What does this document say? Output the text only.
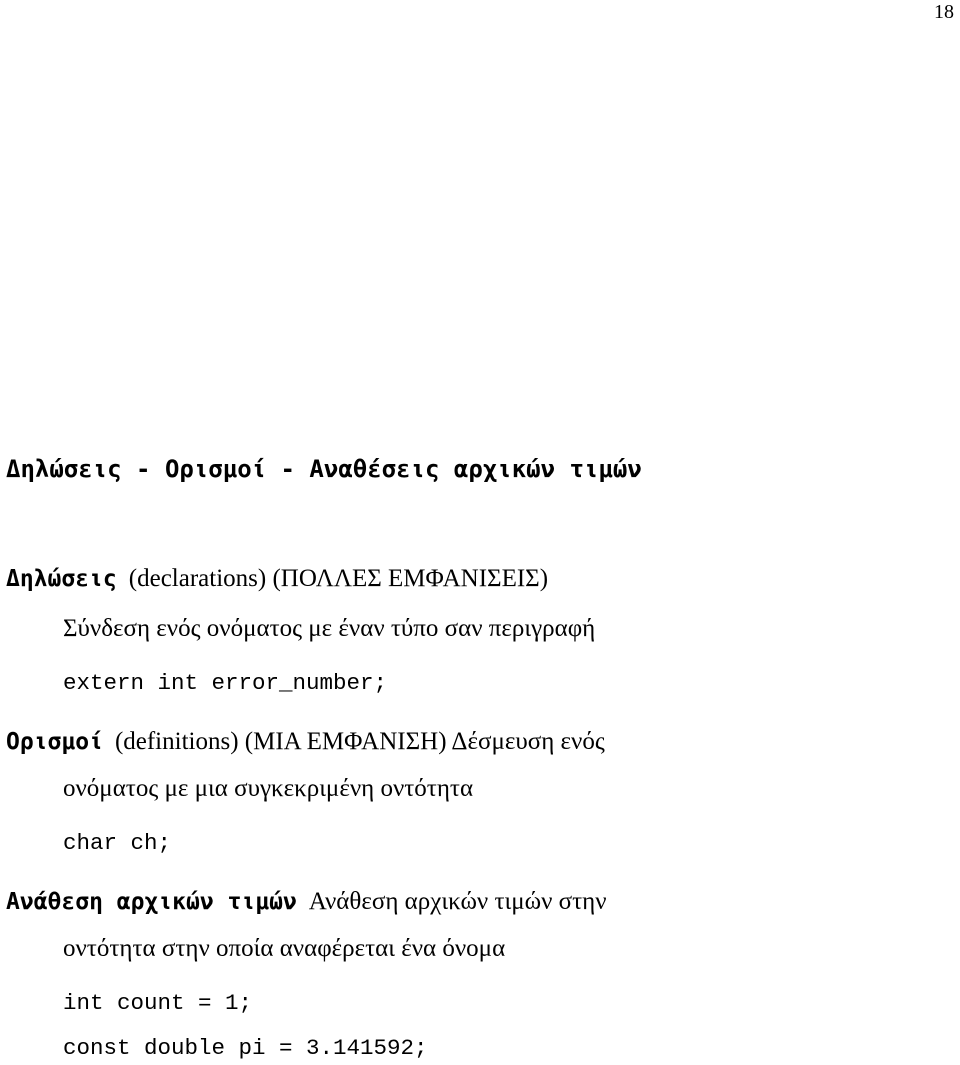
18
Δηλώσεις - Ορισμοί - Αναθέσεις αρχικών τιμών
Δηλώσεις (declarations) (ΠΟΛΛΕΣ ΕΜΦΑΝΙΣΕΙΣ)
Σύνδεση ενός ονόματος με έναν τύπο σαν περιγραφή
extern int error_number;
Ορισμοί (definitions) (ΜΙΑ ΕΜΦΑΝΙΣΗ) Δέσμευση ενός
ονόματος με μια συγκεκριμένη οντότητα
char ch;
Ανάθεση αρχικών τιμών Ανάθεση αρχικών τιμών στην
οντότητα στην οποία αναφέρεται ένα όνομα
int count = 1;
const double pi = 3.141592;
